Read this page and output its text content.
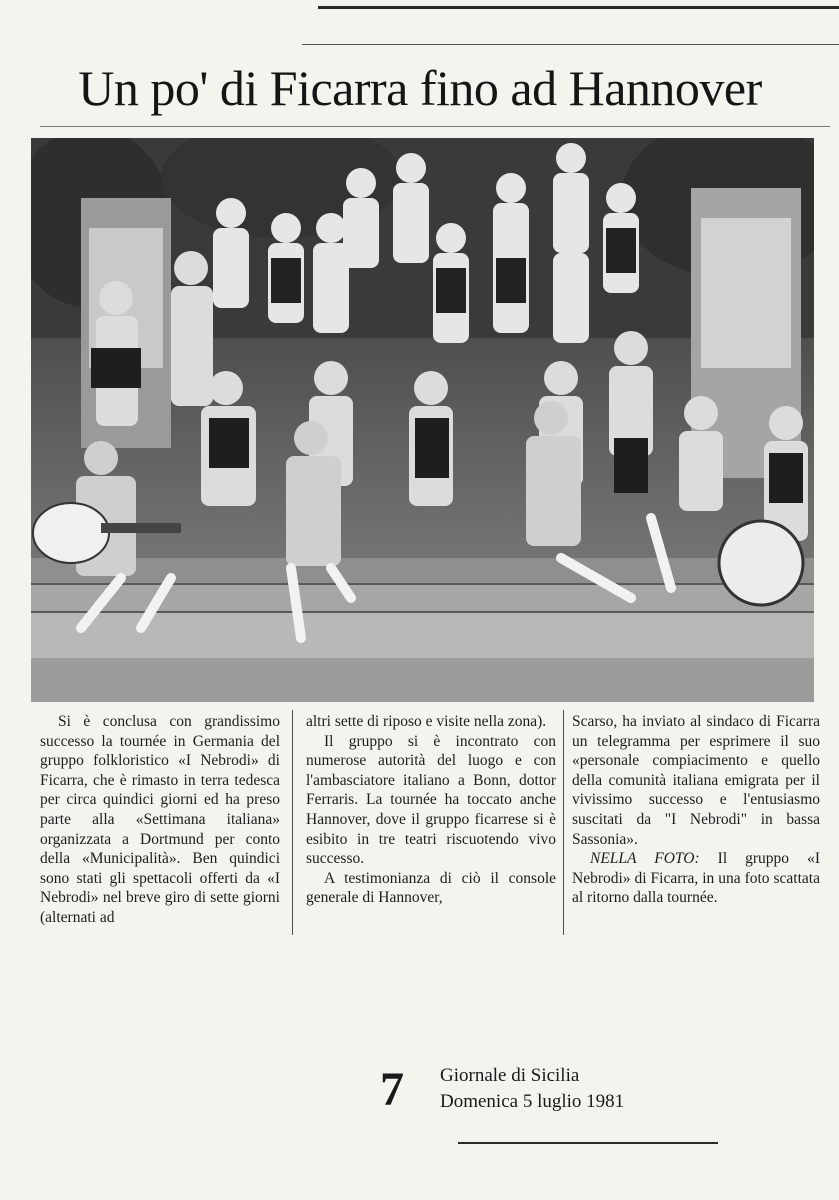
Un po' di Ficarra fino ad Hannover

Si è conclusa con grandissimo successo la tournée in Germania del gruppo folkloristico «I Nebrodi» di Ficarra, che è rimasto in terra tedesca per circa quindici giorni ed ha preso parte alla «Settimana italiana» organizzata a Dortmund per conto della «Municipalità». Ben quindici sono stati gli spettacoli offerti da «I Nebrodi» nel breve giro di sette giorni (alternati ad

altri sette di riposo e visite nella zona).

Il gruppo si è incontrato con numerose autorità del luogo e con l'ambasciatore italiano a Bonn, dottor Ferraris. La tournée ha toccato anche Hannover, dove il gruppo ficarrese si è esibito in tre teatri riscuotendo vivo successo.

A testimonianza di ciò il console generale di Hannover,

Scarso, ha inviato al sindaco di Ficarra un telegramma per esprimere il suo «personale compiacimento e quello della comunità italiana emigrata per il vivissimo successo e l'entusiasmo suscitati da "I Nebrodi" in bassa Sassonia».

NELLA FOTO: Il gruppo «I Nebrodi» di Ficarra, in una foto scattata al ritorno dalla tournée.

7 Giornale di Sicilia
Domenica 5 luglio 1981
